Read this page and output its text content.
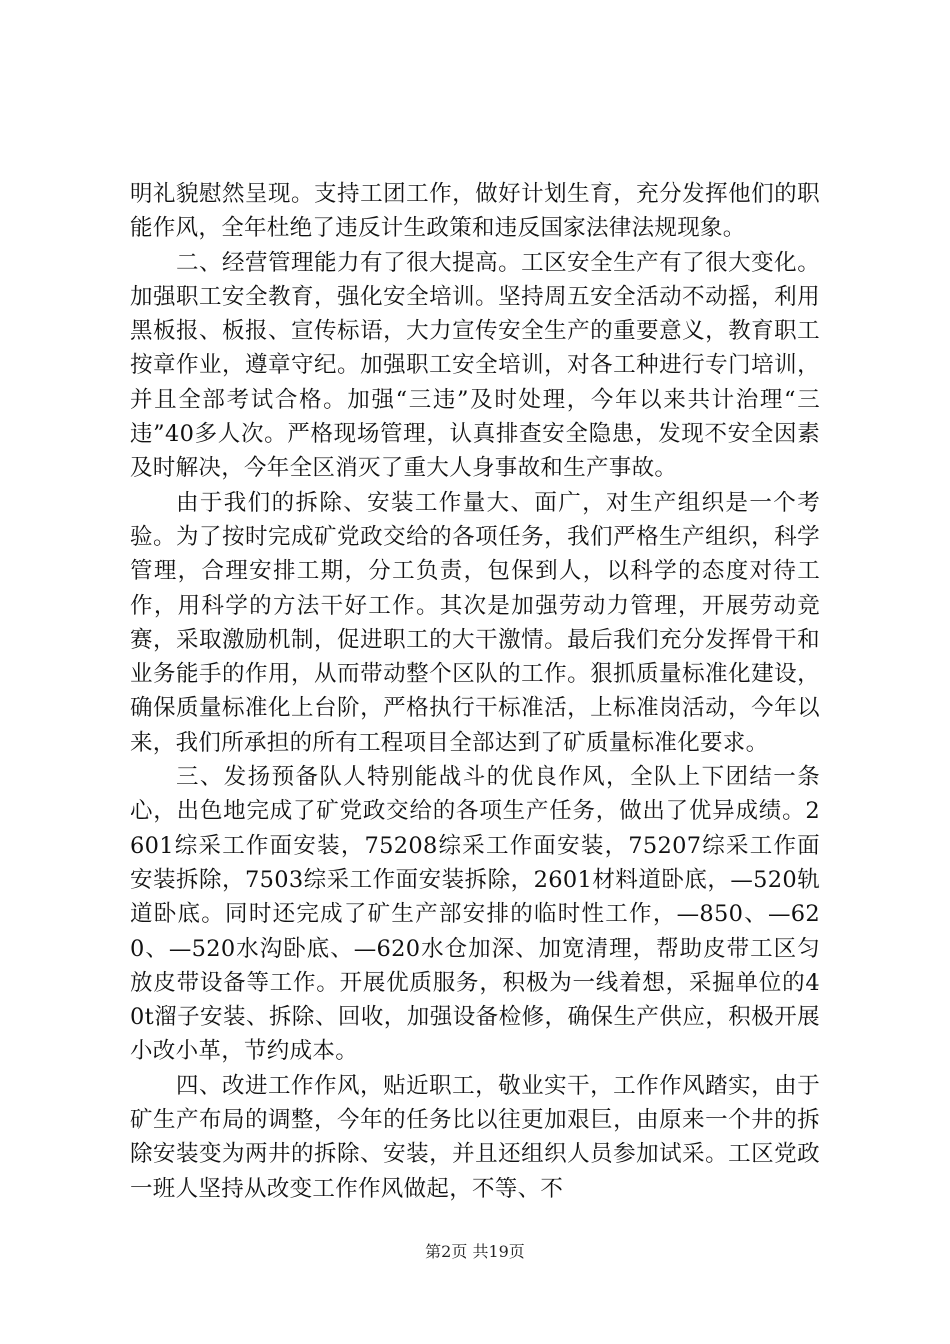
明礼貌慰然呈现。支持工团工作，做好计划生育，充分发挥他们的职能作风，全年杜绝了违反计生政策和违反国家法律法规现象。

二、经营管理能力有了很大提高。工区安全生产有了很大变化。加强职工安全教育，强化安全培训。坚持周五安全活动不动摇，利用黑板报、板报、宣传标语，大力宣传安全生产的重要意义，教育职工按章作业，遵章守纪。加强职工安全培训，对各工种进行专门培训，并且全部考试合格。加强“三违”及时处理，今年以来共计治理“三违”40多人次。严格现场管理，认真排查安全隐患，发现不安全因素及时解决，今年全区消灭了重大人身事故和生产事故。

由于我们的拆除、安装工作量大、面广，对生产组织是一个考验。为了按时完成矿党政交给的各项任务，我们严格生产组织，科学管理，合理安排工期，分工负责，包保到人，以科学的态度对待工作，用科学的方法干好工作。其次是加强劳动力管理，开展劳动竞赛，采取激励机制，促进职工的大干激情。最后我们充分发挥骨干和业务能手的作用，从而带动整个区队的工作。狠抓质量标准化建设，确保质量标准化上台阶，严格执行干标准活，上标准岗活动，今年以来，我们所承担的所有工程项目全部达到了矿质量标准化要求。

三、发扬预备队人特别能战斗的优良作风，全队上下团结一条心，出色地完成了矿党政交给的各项生产任务，做出了优异成绩。2601综采工作面安装，75208综采工作面安装，75207综采工作面安装拆除，7503综采工作面安装拆除，2601材料道卧底，—520轨道卧底。同时还完成了矿生产部安排的临时性工作，—850、—620、—520水沟卧底、—620水仓加深、加宽清理，帮助皮带工区匀放皮带设备等工作。开展优质服务，积极为一线着想，采掘单位的40t溜子安装、拆除、回收，加强设备检修，确保生产供应，积极开展小改小革，节约成本。

四、改进工作作风，贴近职工，敬业实干，工作作风踏实，由于矿生产布局的调整，今年的任务比以往更加艰巨，由原来一个井的拆除安装变为两井的拆除、安装，并且还组织人员参加试采。工区党政一班人坚持从改变工作作风做起，不等、不

第2页 共19页
